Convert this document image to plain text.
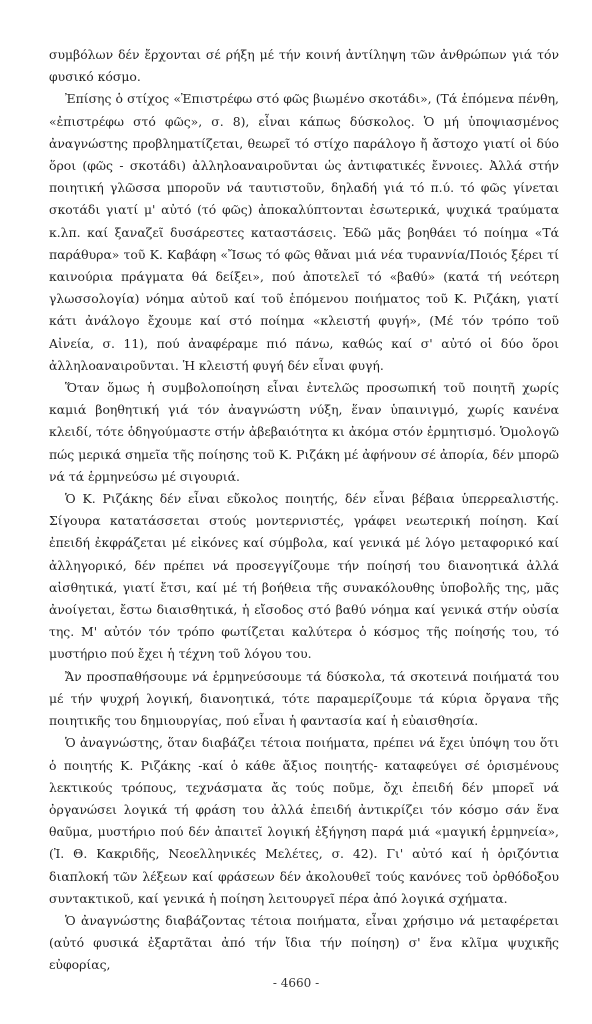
συμβόλων δέν ἔρχονται σέ ρήξη μέ τήν κοινή ἀντίληψη τῶν ἀνθρώπων γιά τόν φυσικό κόσμο.

Ἐπίσης ὁ στίχος «Ἐπιστρέφω στό φῶς βιωμένο σκοτάδι», (Τά ἑπόμενα πένθη, «ἐπιστρέφω στό φῶς», σ. 8), εἶναι κάπως δύσκολος. Ὁ μή ὑποψιασμένος ἀναγνώστης προβληματίζεται, θεωρεῖ τό στίχο παράλογο ἤ ἄστοχο γιατί οἱ δύο ὅροι (φῶς - σκοτάδι) ἀλληλοαναιροῦνται ὡς ἀντιφατικές ἔννοιες. Ἀλλά στήν ποιητική γλῶσσα μποροῦν νά ταυτιστοῦν, δηλαδή γιά τό π.ύ. τό φῶς γίνεται σκοτάδι γιατί μ' αὐτό (τό φῶς) ἀποκαλύπτονται ἐσωτερικά, ψυχικά τραύματα κ.λπ. καί ξαναζεῖ δυσάρεστες καταστάσεις. Ἐδῶ μᾶς βοηθάει τό ποίημα «Τά παράθυρα» τοῦ Κ. Καβάφη «Ἴσως τό φῶς θἄναι μιά νέα τυραννία/Ποιός ξέρει τί καινούρια πράγματα θά δείξει», πού ἀποτελεῖ τό «βαθύ» (κατά τή νεότερη γλωσσολογία) νόημα αὐτοῦ καί τοῦ ἑπόμενου ποιήματος τοῦ Κ. Ριζάκη, γιατί κάτι ἀνάλογο ἔχουμε καί στό ποίημα «κλειστή φυγή», (Μέ τόν τρόπο τοῦ Αἰνεία, σ. 11), πού ἀναφέραμε πιό πάνω, καθώς καί σ' αὐτό οἱ δύο ὅροι ἀλληλοαναιροῦνται. Ἡ κλειστή φυγή δέν εἶναι φυγή.

Ὅταν ὅμως ἡ συμβολοποίηση εἶναι ἐντελῶς προσωπική τοῦ ποιητῆ χωρίς καμιά βοηθητική γιά τόν ἀναγνώστη νύξη, ἕναν ὑπαινιγμό, χωρίς κανένα κλειδί, τότε ὁδηγούμαστε στήν ἀβεβαιότητα κι ἀκόμα στόν ἑρμητισμό. Ὁμολογῶ πώς μερικά σημεῖα τῆς ποίησης τοῦ Κ. Ριζάκη μέ ἀφήνουν σέ ἀπορία, δέν μπορῶ νά τά ἑρμηνεύσω μέ σιγουριά.

Ὁ Κ. Ριζάκης δέν εἶναι εὔκολος ποιητής, δέν εἶναι βέβαια ὑπερρεαλιστής. Σίγουρα κατατάσσεται στούς μοντερνιστές, γράφει νεωτερική ποίηση. Καί ἐπειδή ἐκφράζεται μέ εἰκόνες καί σύμβολα, καί γενικά μέ λόγο μεταφορικό καί ἀλληγορικό, δέν πρέπει νά προσεγγίζουμε τήν ποίησή του διανοητικά ἀλλά αἰσθητικά, γιατί ἔτσι, καί μέ τή βοήθεια τῆς συνακόλουθης ὑποβολῆς της, μᾶς ἀνοίγεται, ἔστω διαισθητικά, ἡ εἴσοδος στό βαθύ νόημα καί γενικά στήν οὐσία της. Μ' αὐτόν τόν τρόπο φωτίζεται καλύτερα ὁ κόσμος τῆς ποίησής του, τό μυστήριο πού ἔχει ἡ τέχνη τοῦ λόγου του.

Ἄν προσπαθήσουμε νά ἑρμηνεύσουμε τά δύσκολα, τά σκοτεινά ποιήματά του μέ τήν ψυχρή λογική, διανοητικά, τότε παραμερίζουμε τά κύρια ὄργανα τῆς ποιητικῆς του δημιουργίας, πού εἶναι ἡ φαντασία καί ἡ εὐαισθησία.

Ὁ ἀναγνώστης, ὅταν διαβάζει τέτοια ποιήματα, πρέπει νά ἔχει ὑπόψη του ὅτι ὁ ποιητής Κ. Ριζάκης -καί ὁ κάθε ἄξιος ποιητής- καταφεύγει σέ ὁρισμένους λεκτικούς τρόπους, τεχνάσματα ἄς τούς ποῦμε, ὄχι ἐπειδή δέν μπορεῖ νά ὀργανώσει λογικά τή φράση του ἀλλά ἐπειδή ἀντικρίζει τόν κόσμο σάν ἕνα θαῦμα, μυστήριο πού δέν ἀπαιτεῖ λογική ἐξήγηση παρά μιά «μαγική ἑρμηνεία», (Ἰ. Θ. Κακριδῆς, Νεοελληνικές Μελέτες, σ. 42). Γι' αὐτό καί ἡ ὁριζόντια διαπλοκή τῶν λέξεων καί φράσεων δέν ἀκολουθεῖ τούς κανόνες τοῦ ὀρθόδοξου συντακτικοῦ, καί γενικά ἡ ποίηση λειτουργεῖ πέρα ἀπό λογικά σχήματα.

Ὁ ἀναγνώστης διαβάζοντας τέτοια ποιήματα, εἶναι χρήσιμο νά μεταφέρεται (αὐτό φυσικά ἐξαρτᾶται ἀπό τήν ἴδια τήν ποίηση) σ' ἕνα κλῖμα ψυχικῆς εὐφορίας,

- 4660 -
